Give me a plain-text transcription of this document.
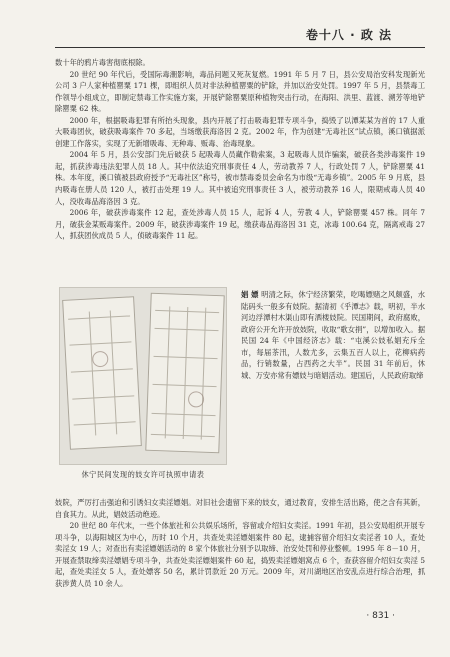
卷十八 · 政 法

数十年的鸦片毒害彻底根除。

20 世纪 90 年代后，受国际毒潮影响，毒品问题又死灰复燃。1991 年 5 月 7 日，县公安局治安科发现新光公司 3 户人家种植罂粟 171 棵，即组织人员对非法种植罂粟的铲除，并加以治安处罚。1997 年 5 月，县禁毒工作领导小组成立，即制定禁毒工作实施方案，开展铲除罂粟原种植物突击行动，在海阳、洪里、蓝渡、溯芳等地铲除罂粟 62 株。

2000 年，根据吸毒犯罪有所抬头现象，县内开展了打击吸毒犯罪专项斗争，捣毁了以潭某某为首的 17 人重大吸毒团伙，破获吸毒案件 70 多起，当场缴获海洛因 2 克。2002 年，作为创建“无毒社区”试点镇，溪口镇据派创建工作落实，实现了无新增吸毒、无种毒、贩毒、治毒现象。

2004 年 5 月，县公安部门先后破获 5 起吸毒人员藏作勒索案，3 起吸毒人员诈骗案，破获各类涉毒案件 19 起，抓获涉毒违法犯罪人员 18 人。其中依法追究刑事责任 4 人，劳动教养 7 人，行政处罚 7 人，铲除罂粟 41 株。本年度，溪口镇被县政府授予“无毒社区”称号，被市禁毒委员会命名为市级“无毒乡镇”。2005 年 9 月底，县内吸毒在册人员 120 人，被打击处理 19 人。其中被追究刑事责任 3 人，被劳动教养 16 人，限期戒毒人员 40 人，没收毒品海洛因 3 克。

2006 年，破获涉毒案件 12 起，查处涉毒人员 15 人，起诉 4 人，劳教 4 人，铲除罂粟 457 株。同年 7 月，破获金某贩毒案件。2009 年，破获涉毒案件 19 起，缴获毒品海洛因 31 克，冰毒 100.64 克，隔离戒毒 27 人，抓获团伙成员 5 人，侦破毒案件 11 起。

休宁民间发现的妓女许可执照申请表
娼 嫖 明清之际，休宁经济繁荣，吃喝嫖赌之风颇盛，水陆码头一般多有妓院。据清初《乎潭志》载，明初，半水河边浮潭村木渠山即有洒楼妓院。民国期间，政府腐败，政府公开允许开放妓院，收取“歌女捐”，以增加收入。据民国 24 年《中国经济志》载：“屯溪公妓私娼充斥全市，每届茶汛，人数尤多，云集五百人以上，花柳病药品，行销数量，占西药之大半”。民国 31 年前后，休城、万安亦常有嫖妓与暗娼活动。建国后，人民政府取缔

妓院，严厉打击强迫和引诱妇女卖淫嫖娼。对旧社会遗留下来的妓女，通过教育，安排生活出路，使之含有其新，自食其力。从此，娼妓活动绝迹。

20 世纪 80 年代末，一些个体旅社和公共娱乐场所，容留或介绍妇女卖淫。1991 年初，县公安局组织开展专项斗争，以海阳城区为中心，历时 10 个月，共查处卖淫嫖娼案件 80 起，逮捕容留介绍妇女卖淫者 10 人，查处卖淫女 19 人；对查出有卖淫嫖娼活动的 8 家个体旅社分别予以取缔、治安处罚和停业整顿。1995 年 8－10 月，开展查禁取缔卖淫嫖娼专项斗争，共查处卖淫嫖娼案件 60 起，捣毁卖淫嫖娼窝点 6 个，查获容留介绍妇女卖淫 5 起，查处卖淫女 5 人，查处嫖客 50 名，累计罚款近 20 万元。2009 年，对川湖地区治安乱点进行综合治理，抓获涉黄人员 10 余人。

· 831 ·
